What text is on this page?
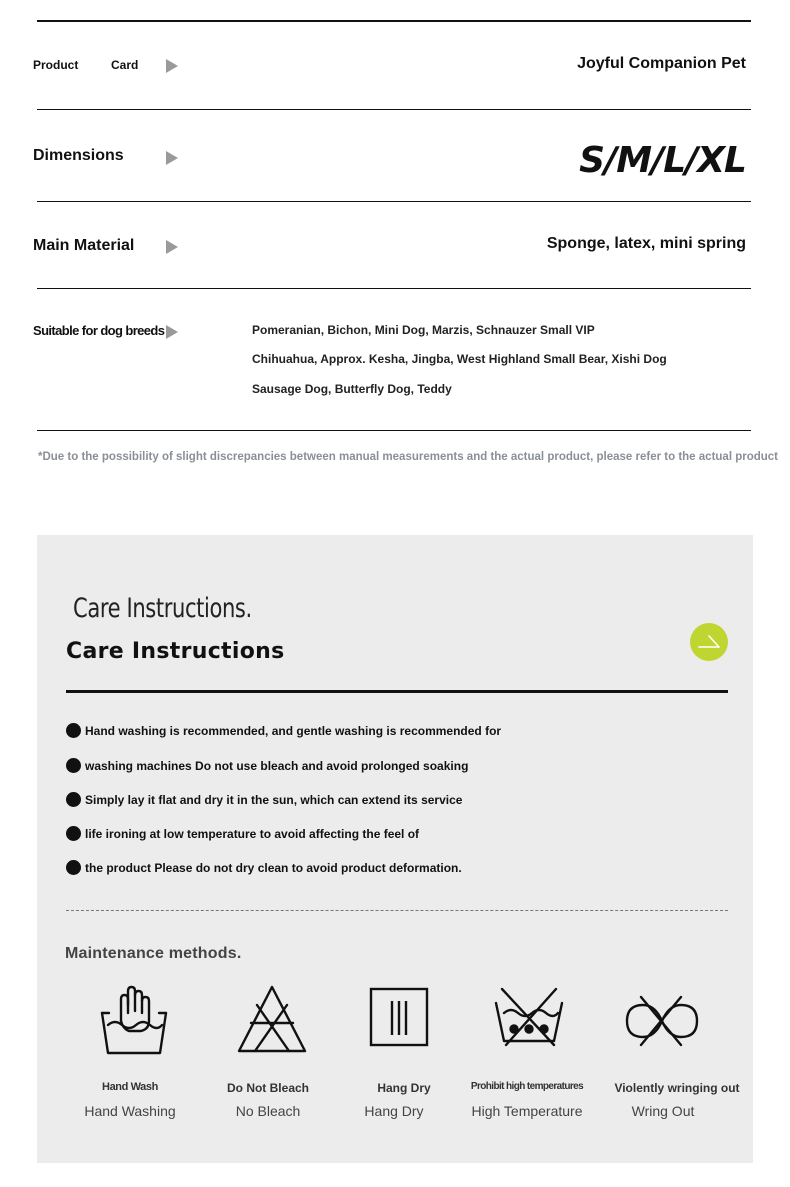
Product	Card	Joyful Companion Pet
Dimensions	S/M/L/XL
Main Material	Sponge, latex, mini spring
Suitable for dog breeds	Pomeranian, Bichon, Mini Dog, Marzis, Schnauzer Small VIP
Chihuahua, Approx. Kesha, Jingba, West Highland Small Bear, Xishi Dog
Sausage Dog, Butterfly Dog, Teddy
*Due to the possibility of slight discrepancies between manual measurements and the actual product, please refer to the actual product
Care Instructions.
Care Instructions
Hand washing is recommended, and gentle washing is recommended for
washing machines Do not use bleach and avoid prolonged soaking
Simply lay it flat and dry it in the sun, which can extend its service
life ironing at low temperature to avoid affecting the feel of
the product Please do not dry clean to avoid product deformation.
Maintenance methods.
Hand Wash
Hand Washing
Do Not Bleach
No Bleach
Hang Dry
Hang Dry
Prohibit high temperatures
High Temperature
Violently wringing out
Wring Out
